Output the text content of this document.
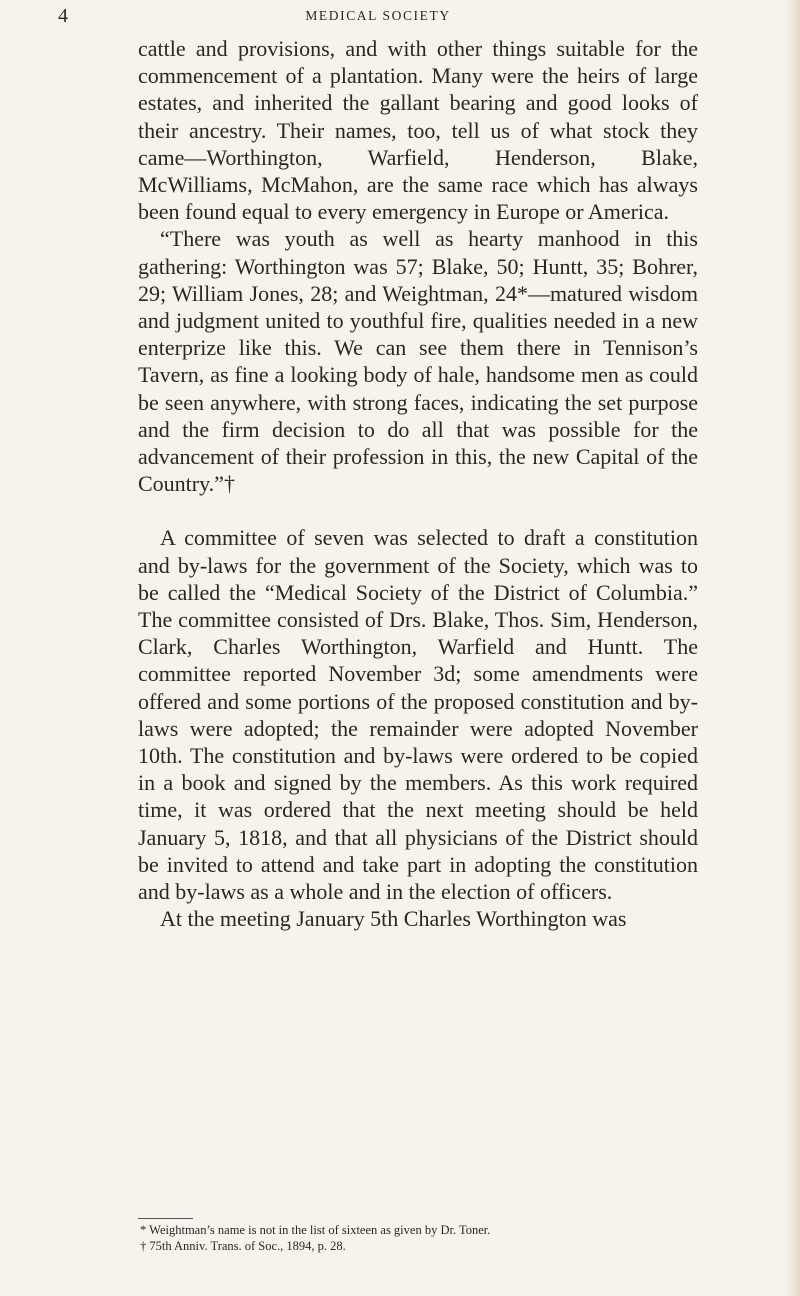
4	MEDICAL SOCIETY

cattle and provisions, and with other things suitable for the commencement of a plantation. Many were the heirs of large estates, and inherited the gallant bearing and good looks of their ancestry. Their names, too, tell us of what stock they came—Worthington, Warfield, Henderson, Blake, McWilliams, McMahon, are the same race which has always been found equal to every emergency in Europe or America.

“There was youth as well as hearty manhood in this gathering: Worthington was 57; Blake, 50; Huntt, 35; Bohrer, 29; William Jones, 28; and Weightman, 24*—matured wisdom and judgment united to youthful fire, qualities needed in a new enterprize like this. We can see them there in Tennison’s Tavern, as fine a looking body of hale, handsome men as could be seen anywhere, with strong faces, indicating the set purpose and the firm decision to do all that was possible for the advancement of their profession in this, the new Capital of the Country.”†

A committee of seven was selected to draft a constitution and by-laws for the government of the Society, which was to be called the “Medical Society of the District of Columbia.” The committee consisted of Drs. Blake, Thos. Sim, Henderson, Clark, Charles Worthington, Warfield and Huntt. The committee reported November 3d; some amendments were offered and some portions of the proposed constitution and by-laws were adopted; the remainder were adopted November 10th. The constitution and by-laws were ordered to be copied in a book and signed by the members. As this work required time, it was ordered that the next meeting should be held January 5, 1818, and that all physicians of the District should be invited to attend and take part in adopting the constitution and by-laws as a whole and in the election of officers.

At the meeting January 5th Charles Worthington was

* Weightman’s name is not in the list of sixteen as given by Dr. Toner.
† 75th Anniv. Trans. of Soc., 1894, p. 28.
